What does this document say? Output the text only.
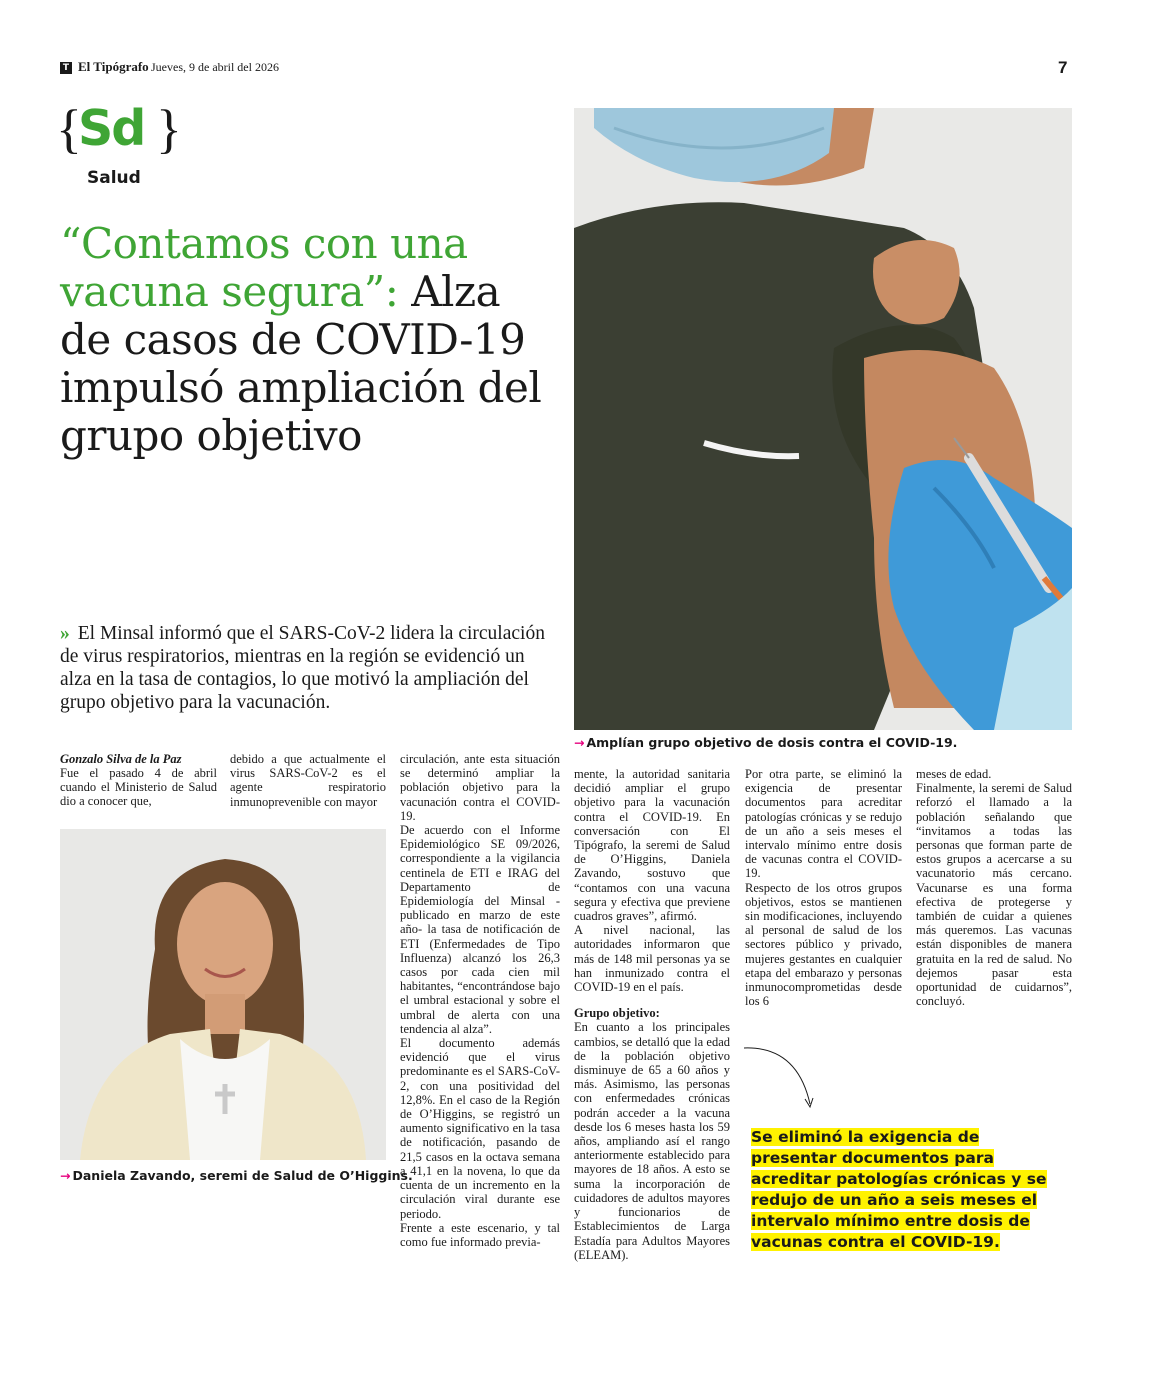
T El Tipógrafo Jueves, 9 de abril del 2026	7
{
Sd }
Salud
“Contamos con una vacuna segura”: Alza de casos de COVID-19 impulsó ampliación del grupo objetivo
» El Minsal informó que el SARS-CoV-2 lidera la circulación de virus respiratorios, mientras en la región se evidenció un alza en la tasa de contagios, lo que motivó la ampliación del grupo objetivo para la vacunación.
→ Amplían grupo objetivo de dosis contra el COVID-19.
Gonzalo Silva de la Paz

Fue el pasado 4 de abril cuando el Ministerio de Salud dio a conocer que,

debido a que actualmente el virus SARS-CoV-2 es el agente respiratorio inmunoprevenible con mayor

→ Daniela Zavando, seremi de Salud de O’Higgins.

circulación, ante esta situación se determinó ampliar la población objetivo para la vacunación contra el COVID-19.

De acuerdo con el Informe Epidemiológico SE 09/2026, correspondiente a la vigilancia centinela de ETI e IRAG del Departamento de Epidemiología del Minsal -publicado en marzo de este año- la tasa de notificación de ETI (Enfermedades de Tipo Influenza) alcanzó los 26,3 casos por cada cien mil habitantes, “encontrándose bajo el umbral estacional y sobre el umbral de alerta con una tendencia al alza”.

El documento además evidenció que el virus predominante es el SARS-CoV-2, con una positividad del 12,8%. En el caso de la Región de O’Higgins, se registró un aumento significativo en la tasa de notificación, pasando de 21,5 casos en la octava semana a 41,1 en la novena, lo que da cuenta de un incremento en la circulación viral durante ese periodo.

Frente a este escenario, y tal como fue informado previa-

mente, la autoridad sanitaria decidió ampliar el grupo objetivo para la vacunación contra el COVID-19. En conversación con El Tipógrafo, la seremi de Salud de O’Higgins, Daniela Zavando, sostuvo que “contamos con una vacuna segura y efectiva que previene cuadros graves”, afirmó.

A nivel nacional, las autoridades informaron que más de 148 mil personas ya se han inmunizado contra el COVID-19 en el país.

Grupo objetivo:

En cuanto a los principales cambios, se detalló que la edad de la población objetivo disminuye de 65 a 60 años y más. Asimismo, las personas con enfermedades crónicas podrán acceder a la vacuna desde los 6 meses hasta los 59 años, ampliando así el rango anteriormente establecido para mayores de 18 años. A esto se suma la incorporación de cuidadores de adultos mayores y funcionarios de Establecimientos de Larga Estadía para Adultos Mayores (ELEAM).

Por otra parte, se eliminó la exigencia de presentar documentos para acreditar patologías crónicas y se redujo de un año a seis meses el intervalo mínimo entre dosis de vacunas contra el COVID-19.

Respecto de los otros grupos objetivos, estos se mantienen sin modificaciones, incluyendo al personal de salud de los sectores público y privado, mujeres gestantes en cualquier etapa del embarazo y personas inmunocomprometidas desde los 6

meses de edad.

Finalmente, la seremi de Salud reforzó el llamado a la población señalando que “invitamos a todas las personas que forman parte de estos grupos a acercarse a su vacunatorio más cercano. Vacunarse es una forma efectiva de protegerse y también de cuidar a quienes más queremos. Las vacunas están disponibles de manera gratuita en la red de salud. No dejemos pasar esta oportunidad de cuidarnos”, concluyó.

Se eliminó la exigencia de presentar documentos para acreditar patologías crónicas y se redujo de un año a seis meses el intervalo mínimo entre dosis de vacunas contra el COVID-19.
